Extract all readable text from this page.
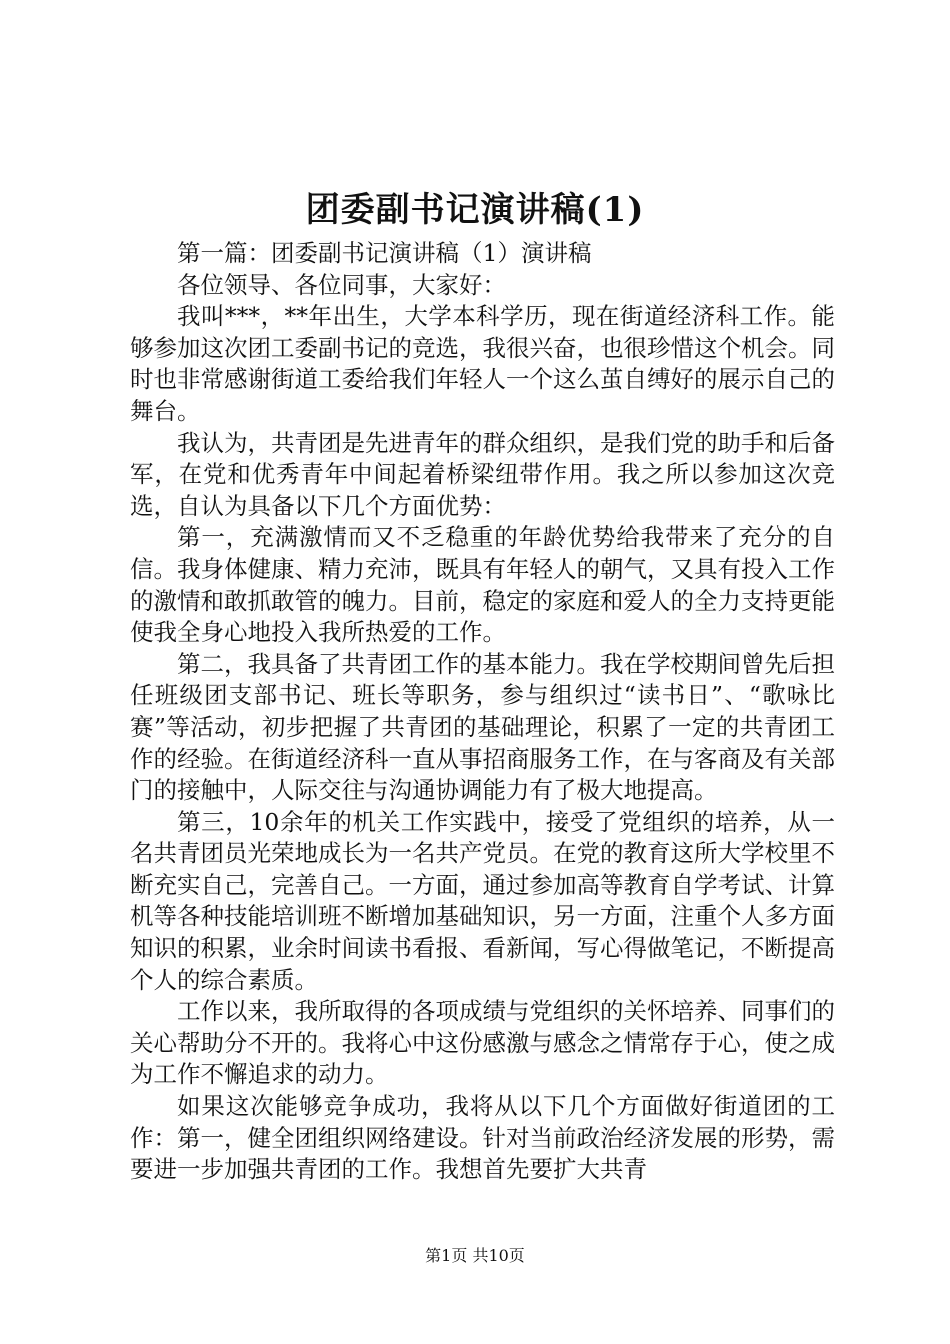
团委副书记演讲稿(1)

第一篇：团委副书记演讲稿（1）演讲稿

各位领导、各位同事，大家好：

我叫***，**年出生，大学本科学历，现在街道经济科工作。能够参加这次团工委副书记的竞选，我很兴奋，也很珍惜这个机会。同时也非常感谢街道工委给我们年轻人一个这么茧自缚好的展示自己的舞台。

我认为，共青团是先进青年的群众组织，是我们党的助手和后备军，在党和优秀青年中间起着桥梁纽带作用。我之所以参加这次竞选，自认为具备以下几个方面优势：

第一，充满激情而又不乏稳重的年龄优势给我带来了充分的自信。我身体健康、精力充沛，既具有年轻人的朝气，又具有投入工作的激情和敢抓敢管的魄力。目前，稳定的家庭和爱人的全力支持更能使我全身心地投入我所热爱的工作。

第二，我具备了共青团工作的基本能力。我在学校期间曾先后担任班级团支部书记、班长等职务，参与组织过“读书日”、“歌咏比赛”等活动，初步把握了共青团的基础理论，积累了一定的共青团工作的经验。在街道经济科一直从事招商服务工作，在与客商及有关部门的接触中，人际交往与沟通协调能力有了极大地提高。

第三，10余年的机关工作实践中，接受了党组织的培养，从一名共青团员光荣地成长为一名共产党员。在党的教育这所大学校里不断充实自己，完善自己。一方面，通过参加高等教育自学考试、计算机等各种技能培训班不断增加基础知识，另一方面，注重个人多方面知识的积累，业余时间读书看报、看新闻，写心得做笔记，不断提高个人的综合素质。

工作以来，我所取得的各项成绩与党组织的关怀培养、同事们的关心帮助分不开的。我将心中这份感激与感念之情常存于心，使之成为工作不懈追求的动力。

如果这次能够竞争成功，我将从以下几个方面做好街道团的工作：第一，健全团组织网络建设。针对当前政治经济发展的形势，需要进一步加强共青团的工作。我想首先要扩大共青

第1页 共10页
